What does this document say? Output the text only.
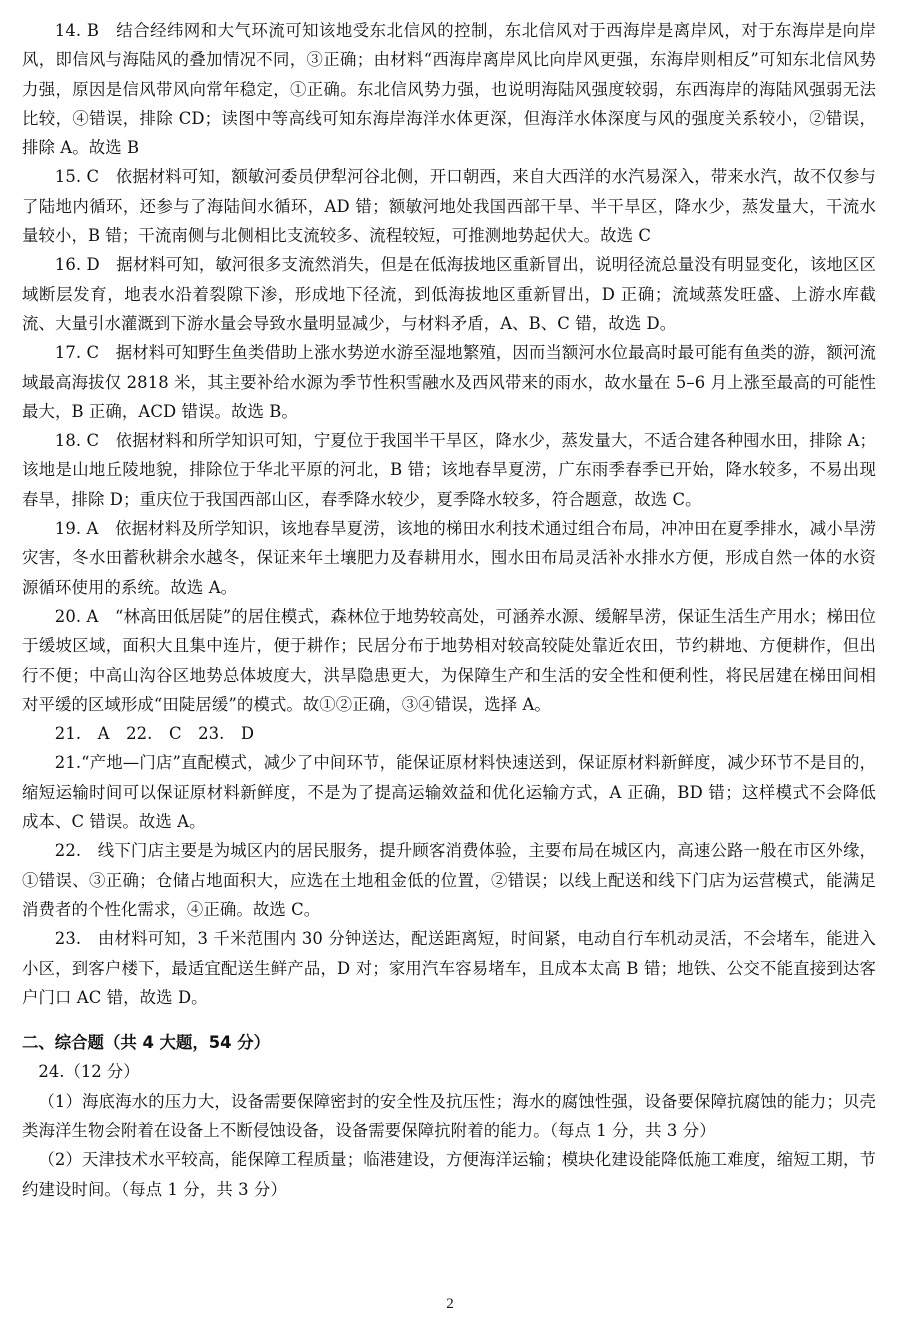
14. B　结合经纬网和大气环流可知该地受东北信风的控制，东北信风对于西海岸是离岸风，对于东海岸是向岸风，即信风与海陆风的叠加情况不同，③正确；由材料“西海岸离岸风比向岸风更强，东海岸则相反”可知东北信风势力强，原因是信风带风向常年稳定，①正确。东北信风势力强，也说明海陆风强度较弱，东西海岸的海陆风强弱无法比较，④错误，排除 CD；读图中等高线可知东海岸海洋水体更深，但海洋水体深度与风的强度关系较小，②错误，排除 A。故选 B

15. C　依据材料可知，额敏河委员伊犁河谷北侧，开口朝西，来自大西洋的水汽易深入，带来水汽，故不仅参与了陆地内循环，还参与了海陆间水循环，AD 错；额敏河地处我国西部干旱、半干旱区，降水少，蒸发量大，干流水量较小，B 错；干流南侧与北侧相比支流较多、流程较短，可推测地势起伏大。故选 C

16. D　据材料可知，敏河很多支流然消失，但是在低海拔地区重新冒出，说明径流总量没有明显变化，该地区区域断层发育，地表水沿着裂隙下渗，形成地下径流，到低海拔地区重新冒出，D 正确；流域蒸发旺盛、上游水库截流、大量引水灌溉到下游水量会导致水量明显减少，与材料矛盾，A、B、C 错，故选 D。

17. C　据材料可知野生鱼类借助上涨水势逆水游至湿地繁殖，因而当额河水位最高时最可能有鱼类的游，额河流域最高海拔仅 2818 米，其主要补给水源为季节性积雪融水及西风带来的雨水，故水量在 5–6 月上涨至最高的可能性最大，B 正确，ACD 错误。故选 B。

18. C　依据材料和所学知识可知，宁夏位于我国半干旱区，降水少，蒸发量大，不适合建各种囤水田，排除 A；该地是山地丘陵地貌，排除位于华北平原的河北，B 错；该地春旱夏涝，广东雨季春季已开始，降水较多，不易出现春旱，排除 D；重庆位于我国西部山区，春季降水较少，夏季降水较多，符合题意，故选 C。

19. A　依据材料及所学知识，该地春旱夏涝，该地的梯田水利技术通过组合布局，冲冲田在夏季排水，减小旱涝灾害，冬水田蓄秋耕余水越冬，保证来年土壤肥力及春耕用水，囤水田布局灵活补水排水方便，形成自然一体的水资源循环使用的系统。故选 A。

20. A　“林高田低居陡”的居住模式，森林位于地势较高处，可涵养水源、缓解旱涝，保证生活生产用水；梯田位于缓坡区域，面积大且集中连片，便于耕作；民居分布于地势相对较高较陡处靠近农田，节约耕地、方便耕作，但出行不便；中高山沟谷区地势总体坡度大，洪旱隐患更大，为保障生产和生活的安全性和便利性，将民居建在梯田间相对平缓的区域形成“田陡居缓”的模式。故①②正确，③④错误，选择 A。

21.　A　22.　C　23.　D

21.“产地—门店”直配模式，减少了中间环节，能保证原材料快速送到，保证原材料新鲜度，减少环节不是目的，缩短运输时间可以保证原材料新鲜度，不是为了提高运输效益和优化运输方式，A 正确，BD 错；这样模式不会降低成本、C 错误。故选 A。

22.　线下门店主要是为城区内的居民服务，提升顾客消费体验，主要布局在城区内，高速公路一般在市区外缘，①错误、③正确；仓储占地面积大，应选在土地租金低的位置，②错误；以线上配送和线下门店为运营模式，能满足消费者的个性化需求，④正确。故选 C。

23.　由材料可知，3 千米范围内 30 分钟送达，配送距离短，时间紧，电动自行车机动灵活，不会堵车，能进入小区，到客户楼下，最适宜配送生鲜产品，D 对；家用汽车容易堵车，且成本太高 B 错；地铁、公交不能直接到达客户门口 AC 错，故选 D。

二、综合题（共 4 大题，54 分）

24.（12 分）

（1）海底海水的压力大，设备需要保障密封的安全性及抗压性；海水的腐蚀性强，设备要保障抗腐蚀的能力；贝壳类海洋生物会附着在设备上不断侵蚀设备，设备需要保障抗附着的能力。（每点 1 分，共 3 分）

（2）天津技术水平较高，能保障工程质量；临港建设，方便海洋运输；模块化建设能降低施工难度，缩短工期，节约建设时间。（每点 1 分，共 3 分）

2
